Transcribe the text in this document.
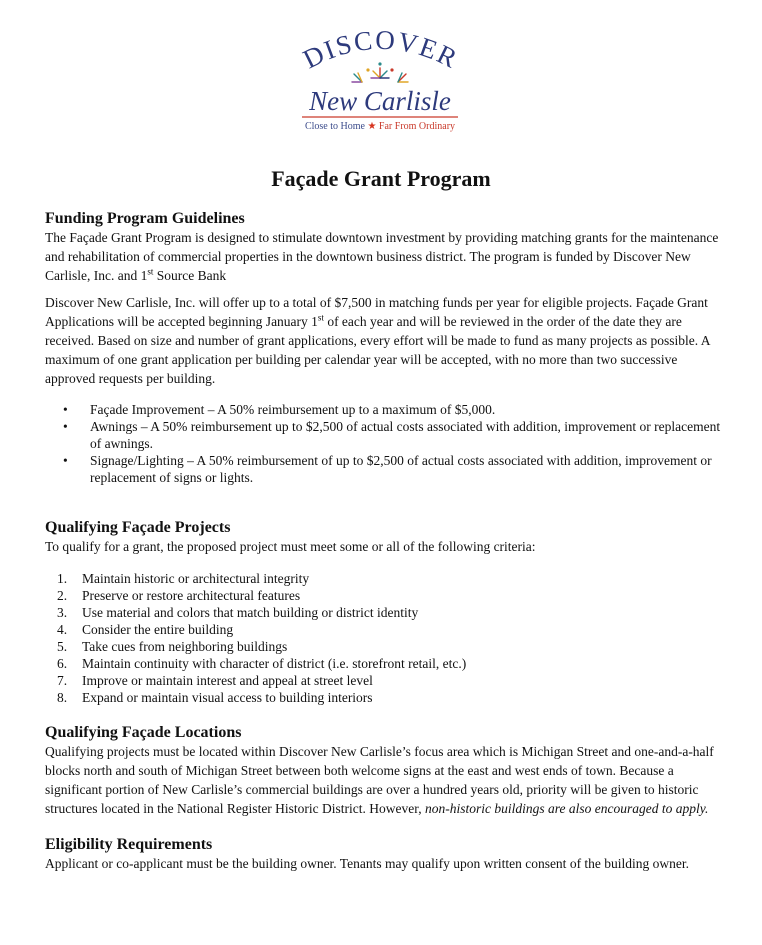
DISCOVER
New Carlisle
Close to Home ★ Far From Ordinary
Façade Grant Program
Funding Program Guidelines

The Façade Grant Program is designed to stimulate downtown investment by providing matching grants for the maintenance and rehabilitation of commercial properties in the downtown business district. The program is funded by Discover New Carlisle, Inc. and 1st Source Bank

Discover New Carlisle, Inc. will offer up to a total of $7,500 in matching funds per year for eligible projects. Façade Grant Applications will be accepted beginning January 1st of each year and will be reviewed in the order of the date they are received. Based on size and number of grant applications, every effort will be made to fund as many projects as possible. A maximum of one grant application per building per calendar year will be accepted, with no more than two successive approved requests per building.

• Façade Improvement – A 50% reimbursement up to a maximum of $5,000.
• Awnings – A 50% reimbursement up to $2,500 of actual costs associated with addition, improvement or replacement of awnings.
• Signage/Lighting – A 50% reimbursement of up to $2,500 of actual costs associated with addition, improvement or replacement of signs or lights.
Qualifying Façade Projects

To qualify for a grant, the proposed project must meet some or all of the following criteria:

1. Maintain historic or architectural integrity
2. Preserve or restore architectural features
3. Use material and colors that match building or district identity
4. Consider the entire building
5. Take cues from neighboring buildings
6. Maintain continuity with character of district (i.e. storefront retail, etc.)
7. Improve or maintain interest and appeal at street level
8. Expand or maintain visual access to building interiors
Qualifying Façade Locations

Qualifying projects must be located within Discover New Carlisle’s focus area which is Michigan Street and one-and-a-half blocks north and south of Michigan Street between both welcome signs at the east and west ends of town. Because a significant portion of New Carlisle’s commercial buildings are over a hundred years old, priority will be given to historic structures located in the National Register Historic District. However, non-historic buildings are also encouraged to apply.

Eligibility Requirements

Applicant or co-applicant must be the building owner. Tenants may qualify upon written consent of the building owner.
